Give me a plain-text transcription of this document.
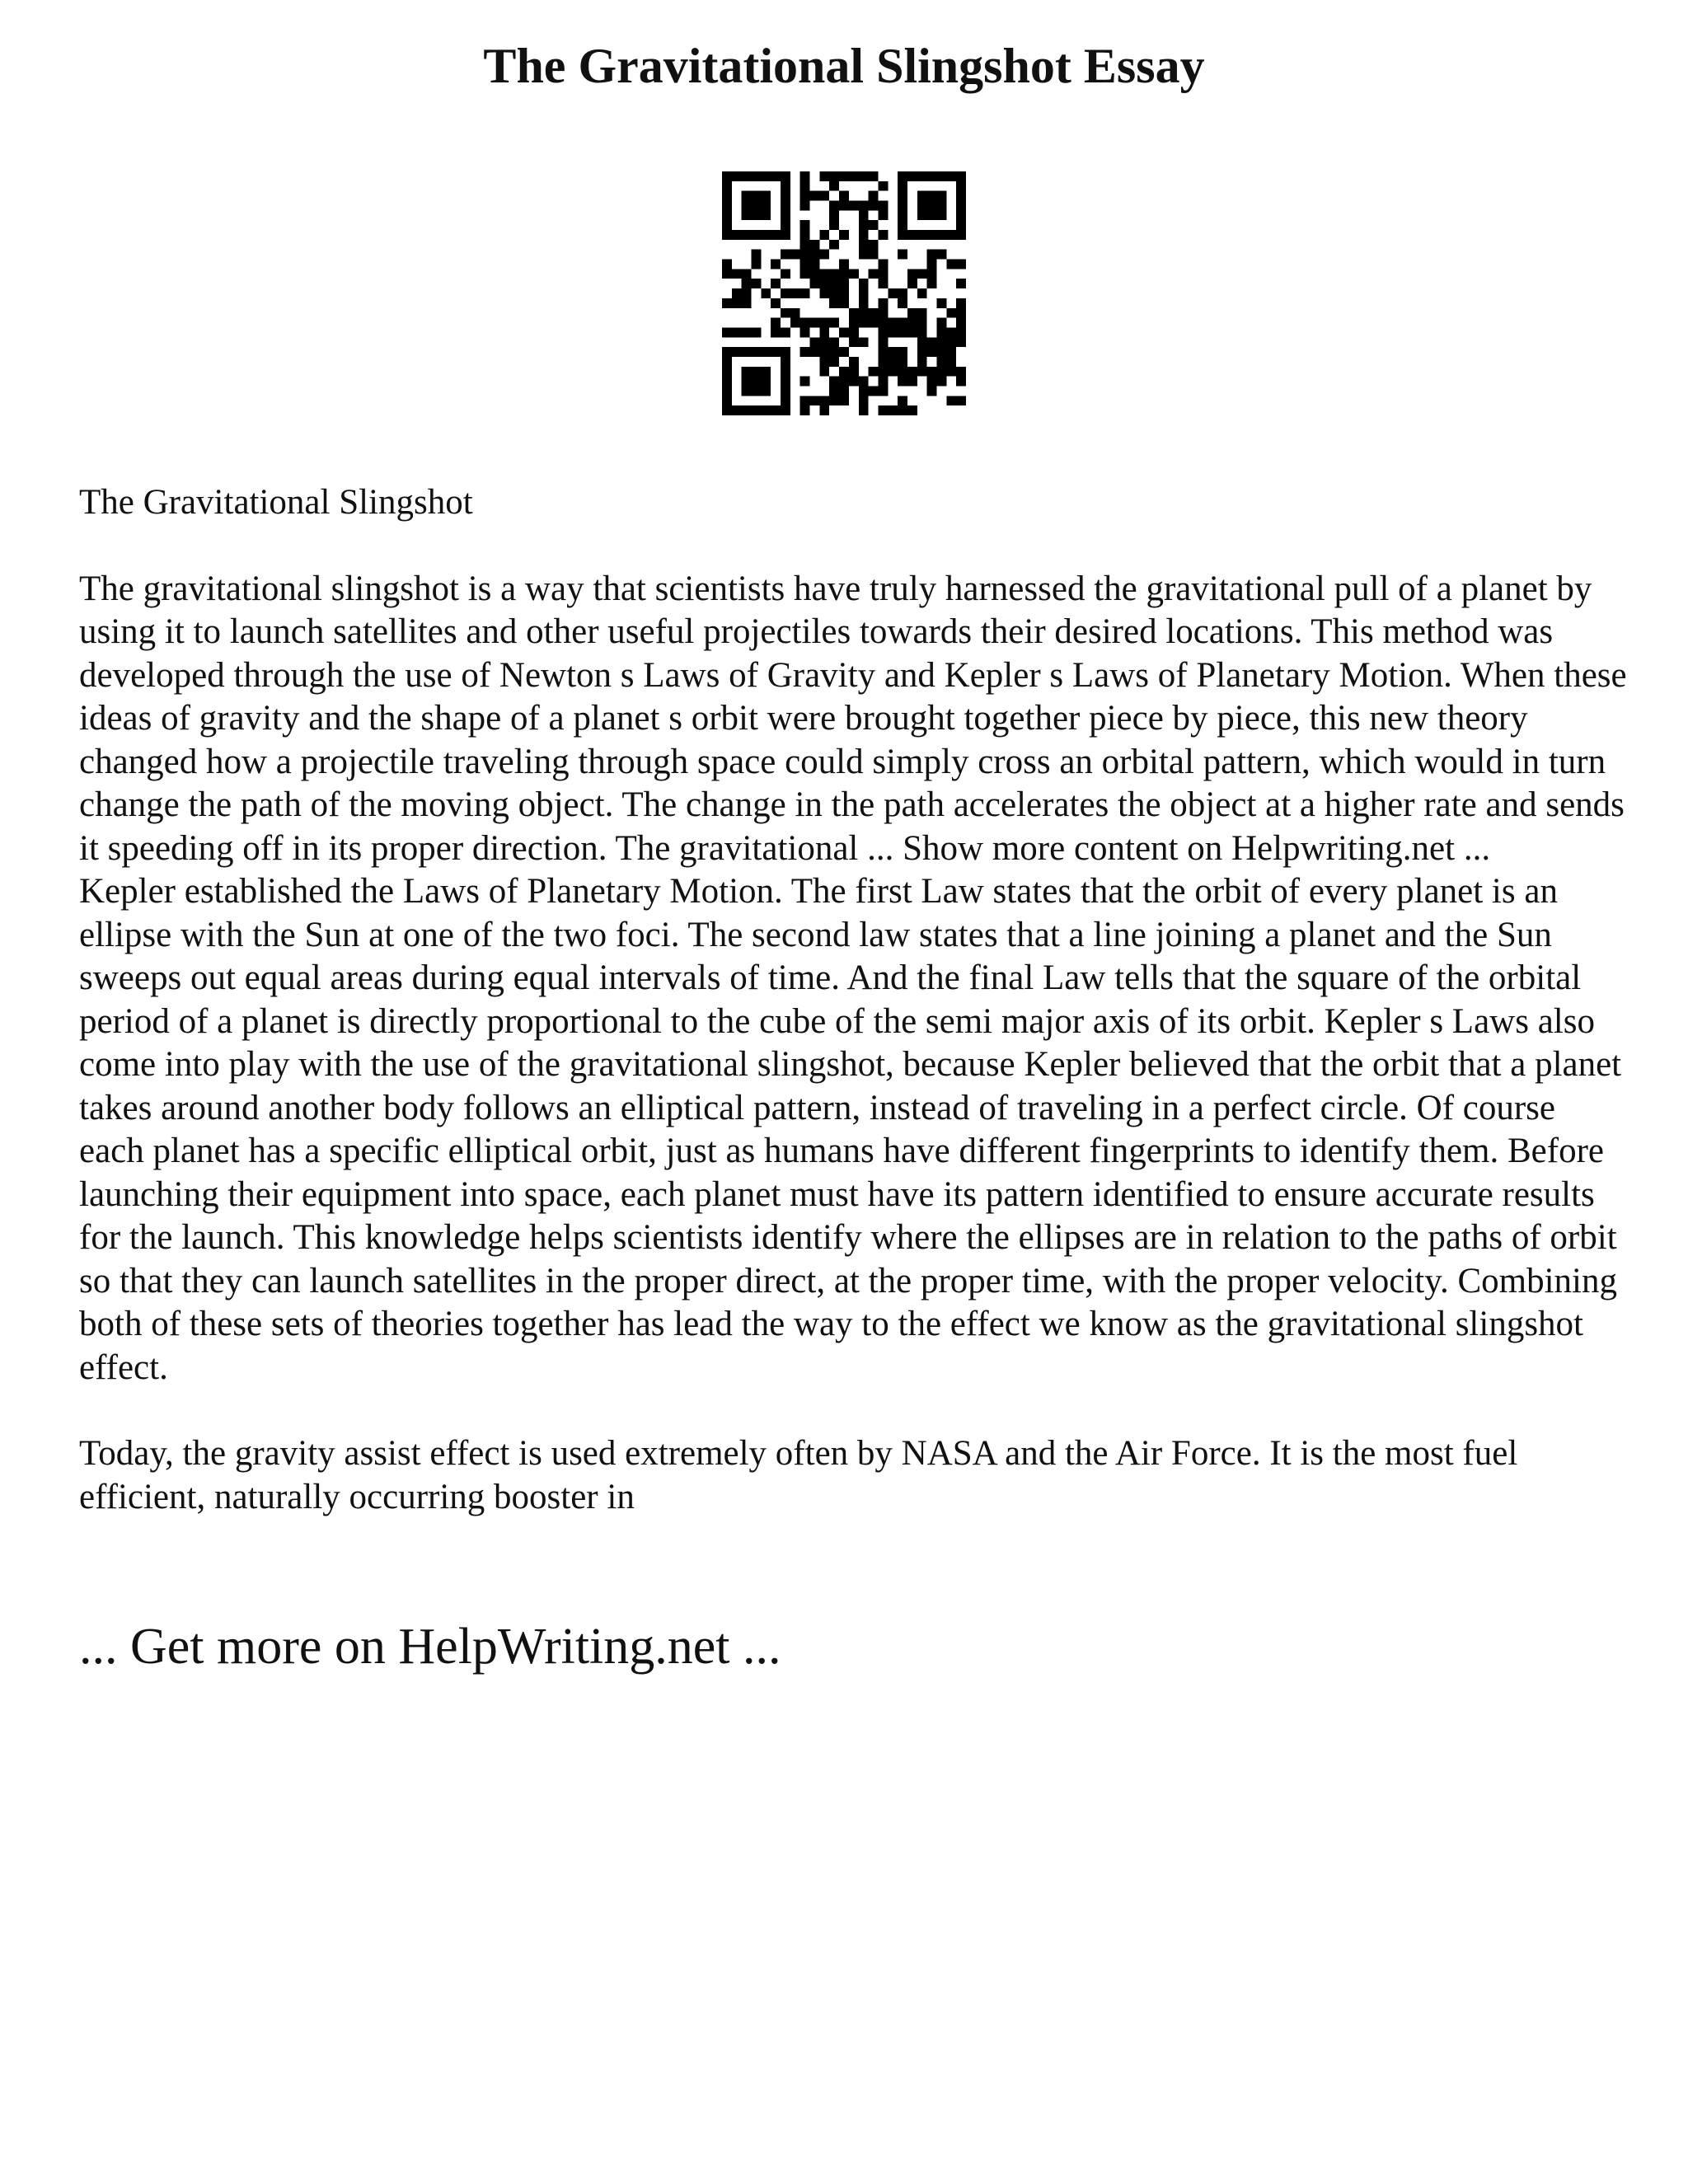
The Gravitational Slingshot Essay

The Gravitational Slingshot

The gravitational slingshot is a way that scientists have truly harnessed the gravitational pull of a planet by using it to launch satellites and other useful projectiles towards their desired locations. This method was developed through the use of Newton s Laws of Gravity and Kepler s Laws of Planetary Motion. When these ideas of gravity and the shape of a planet s orbit were brought together piece by piece, this new theory changed how a projectile traveling through space could simply cross an orbital pattern, which would in turn change the path of the moving object. The change in the path accelerates the object at a higher rate and sends it speeding off in its proper direction. The gravitational ... Show more content on Helpwriting.net ...

Kepler established the Laws of Planetary Motion. The first Law states that the orbit of every planet is an ellipse with the Sun at one of the two foci. The second law states that a line joining a planet and the Sun sweeps out equal areas during equal intervals of time. And the final Law tells that the square of the orbital period of a planet is directly proportional to the cube of the semi major axis of its orbit. Kepler s Laws also come into play with the use of the gravitational slingshot, because Kepler believed that the orbit that a planet takes around another body follows an elliptical pattern, instead of traveling in a perfect circle. Of course each planet has a specific elliptical orbit, just as humans have different fingerprints to identify them. Before launching their equipment into space, each planet must have its pattern identified to ensure accurate results for the launch. This knowledge helps scientists identify where the ellipses are in relation to the paths of orbit so that they can launch satellites in the proper direct, at the proper time, with the proper velocity. Combining both of these sets of theories together has lead the way to the effect we know as the gravitational slingshot effect.

Today, the gravity assist effect is used extremely often by NASA and the Air Force. It is the most fuel efficient, naturally occurring booster in

... Get more on HelpWriting.net ...
